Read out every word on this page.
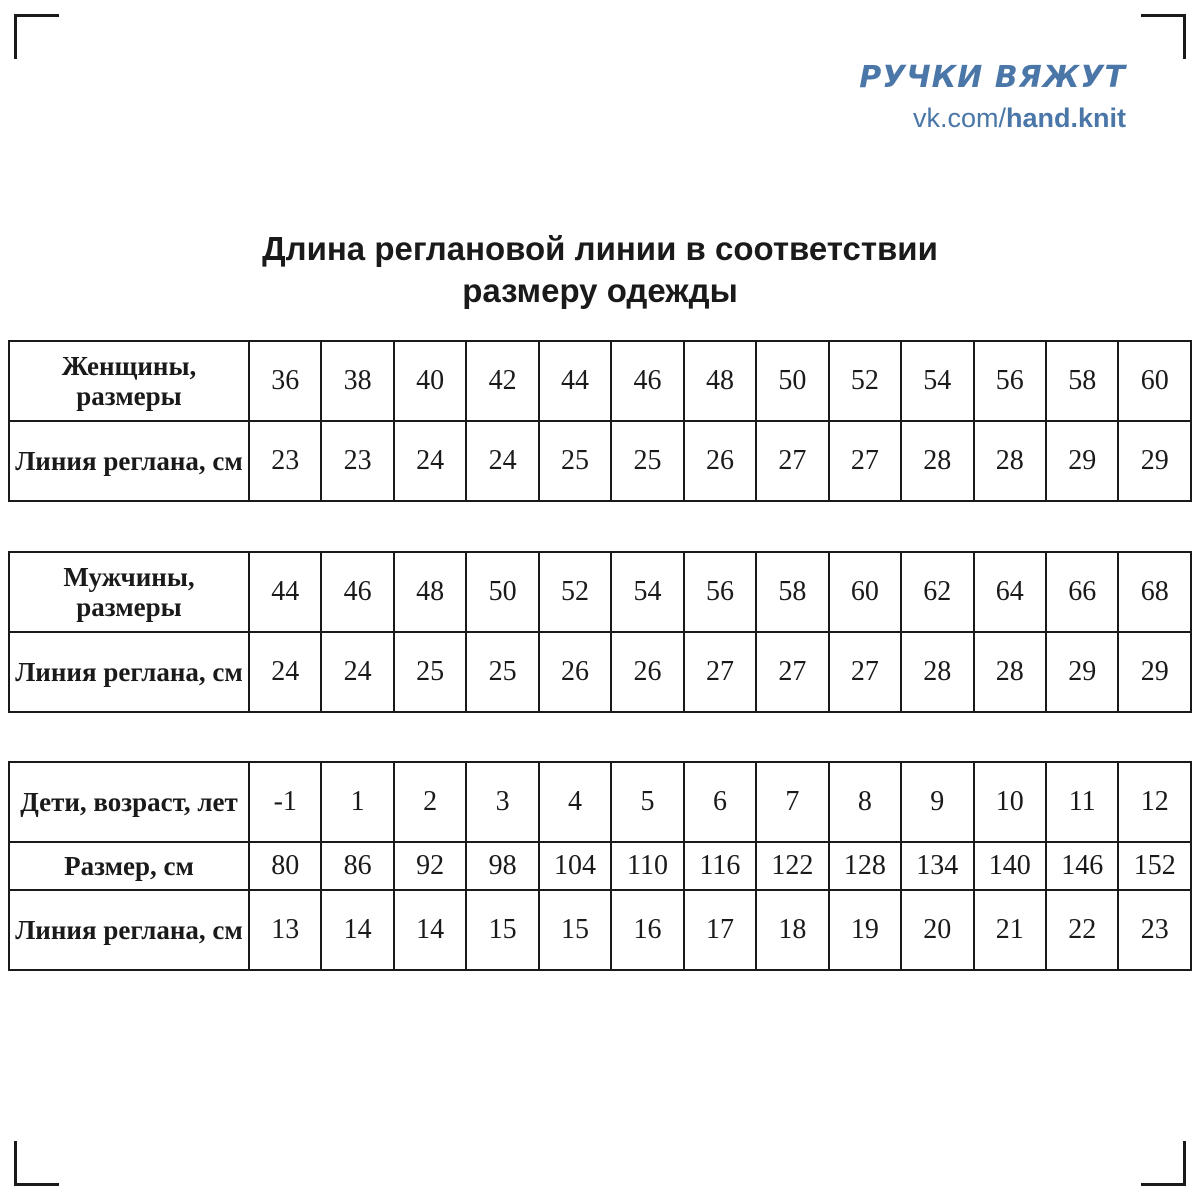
РУЧКИ ВЯЖУТ
vk.com/hand.knit
Длина реглановой линии в соответствии
размеру одежды
Женщины, размеры	36	38	40	42	44	46	48	50	52	54	56	58	60
Линия реглана, см	23	23	24	24	25	25	26	27	27	28	28	29	29
Мужчины, размеры	44	46	48	50	52	54	56	58	60	62	64	66	68
Линия реглана, см	24	24	25	25	26	26	27	27	27	28	28	29	29
Дети, возраст, лет	-1	1	2	3	4	5	6	7	8	9	10	11	12
Размер, см	80	86	92	98	104	110	116	122	128	134	140	146	152
Линия реглана, см	13	14	14	15	15	16	17	18	19	20	21	22	23
